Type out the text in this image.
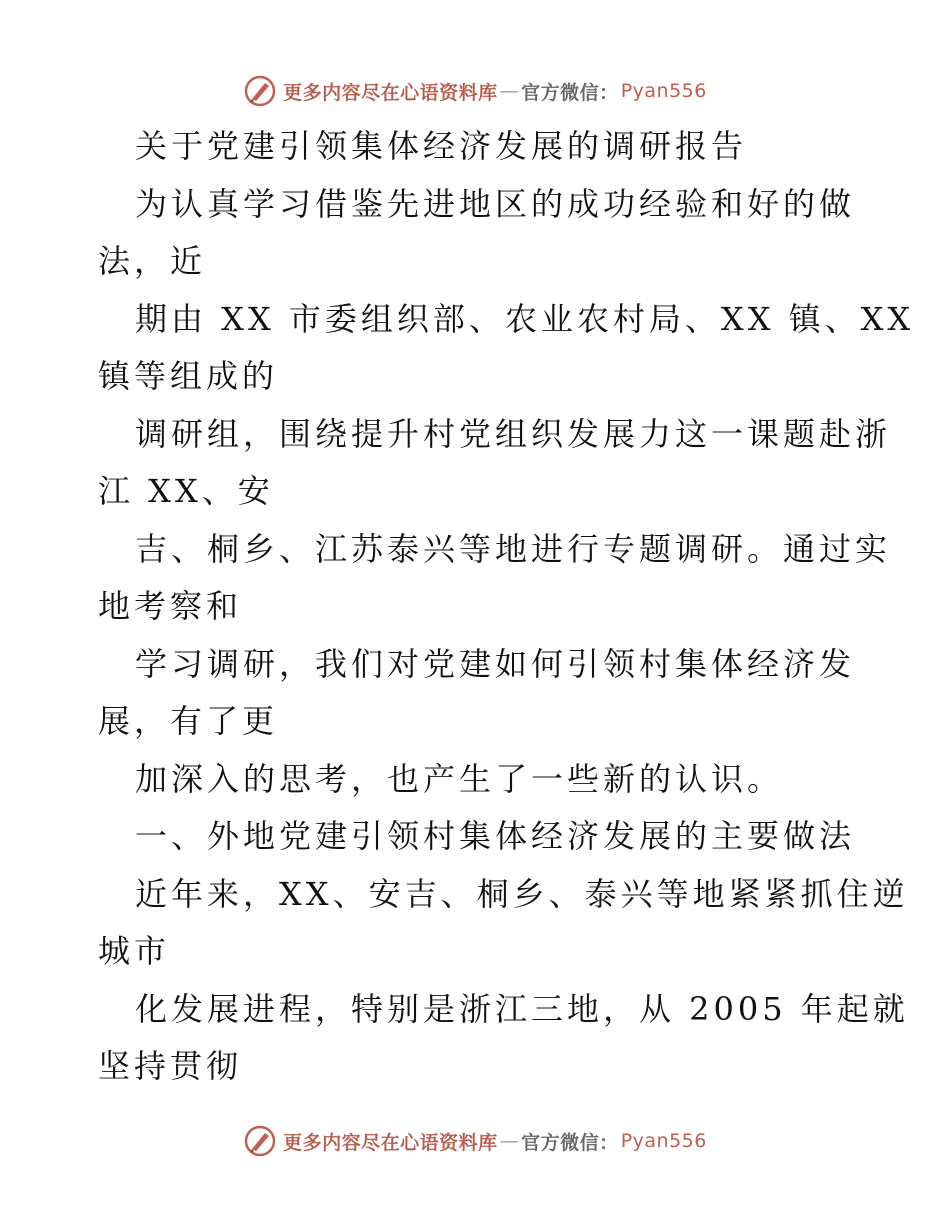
更多内容尽在心语资料库 — 官方微信： Pyan556
关于党建引领集体经济发展的调研报告
为认真学习借鉴先进地区的成功经验和好的做
法，近
期由 XX 市委组织部、农业农村局、XX 镇、XX
镇等组成的
调研组，围绕提升村党组织发展力这一课题赴浙
江 XX、安
吉、桐乡、江苏泰兴等地进行专题调研。通过实
地考察和
学习调研，我们对党建如何引领村集体经济发
展，有了更
加深入的思考，也产生了一些新的认识。
一、外地党建引领村集体经济发展的主要做法
近年来，XX、安吉、桐乡、泰兴等地紧紧抓住逆
城市
化发展进程，特别是浙江三地，从 2005 年起就
坚持贯彻
更多内容尽在心语资料库 — 官方微信： Pyan556
